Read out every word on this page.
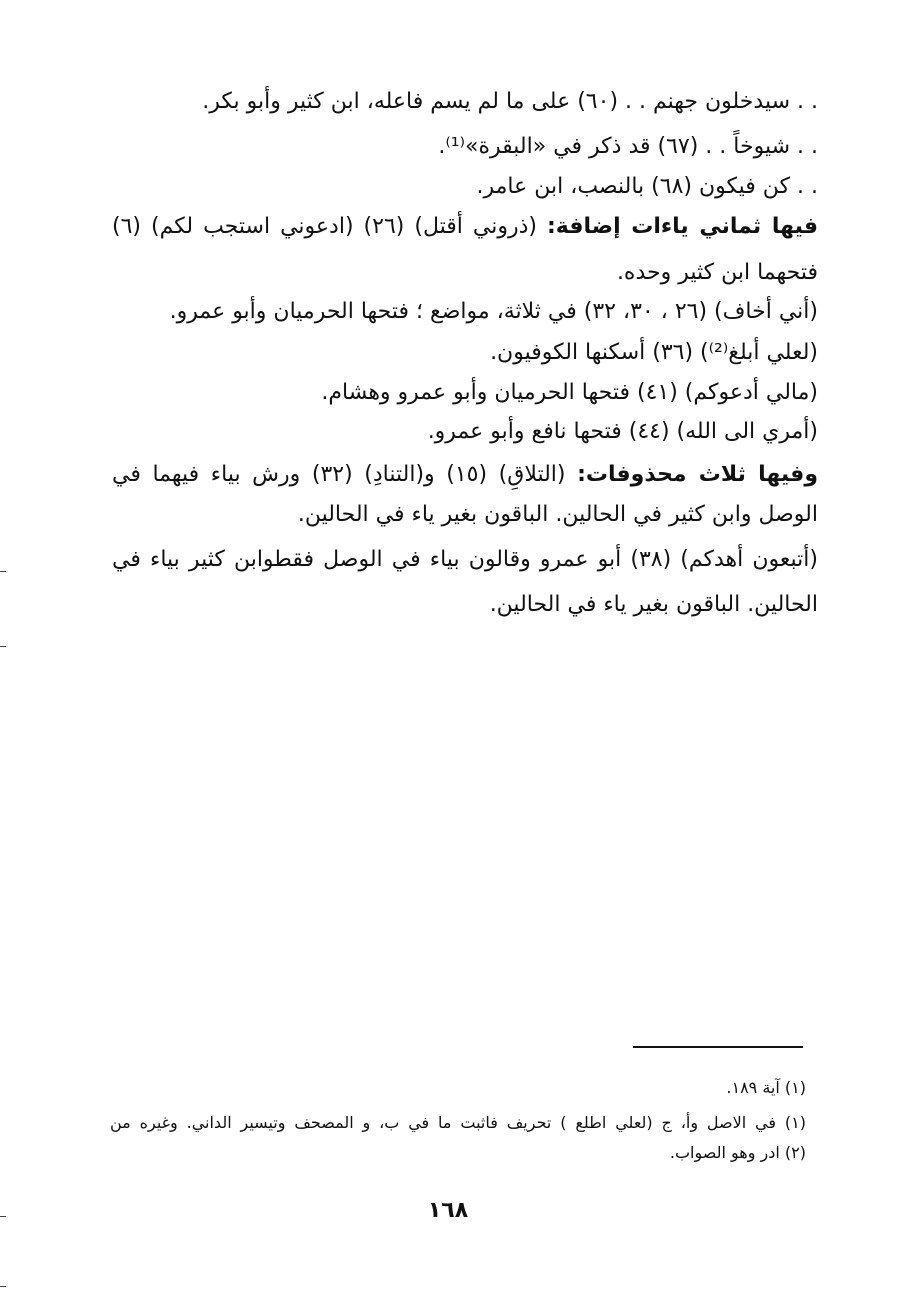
. . سيدخلون جهنم . . (٦٠) على ما لم يسم فاعله، ابن كثير وأبو بكر.
. . شيوخاً . . (٦٧) قد ذكر في «البقرة»⁽¹⁾.
. . كن فيكون (٦٨) بالنصب، ابن عامر.
فيها ثماني ياءات إضافة: (ذروني أقتل) (٢٦) (ادعوني استجب لكم) (٦)
فتحهما ابن كثير وحده.
(أني أخاف) (٢٦ ، ٣٠، ٣٢) في ثلاثة، مواضع ؛ فتحها الحرميان وأبو عمرو.
(لعلي أبلغ⁽²⁾) (٣٦) أسكنها الكوفيون.
(مالي أدعوكم) (٤١) فتحها الحرميان وأبو عمرو وهشام.
(أمري الى الله) (٤٤) فتحها نافع وأبو عمرو.
وفيها ثلاث محذوفات: (التلاقِ) (١٥) و(التنادِ) (٣٢) ورش بياء فيهما في
الوصل وابن كثير في الحالين. الباقون بغير ياء في الحالين.
(أتبعون أهدكم) (٣٨) أبو عمرو وقالون بياء في الوصل فقطوابن كثير بياء في
الحالين. الباقون بغير ياء في الحالين.
(١) آية ١٨٩.
(١) في الاصل وأ، ج (لعلي اطلع ) تحريف فاثبت ما في ب، و المصحف وتيسير الداني. وغيره من
(٢) ادر وهو الصواب.
١٦٨
